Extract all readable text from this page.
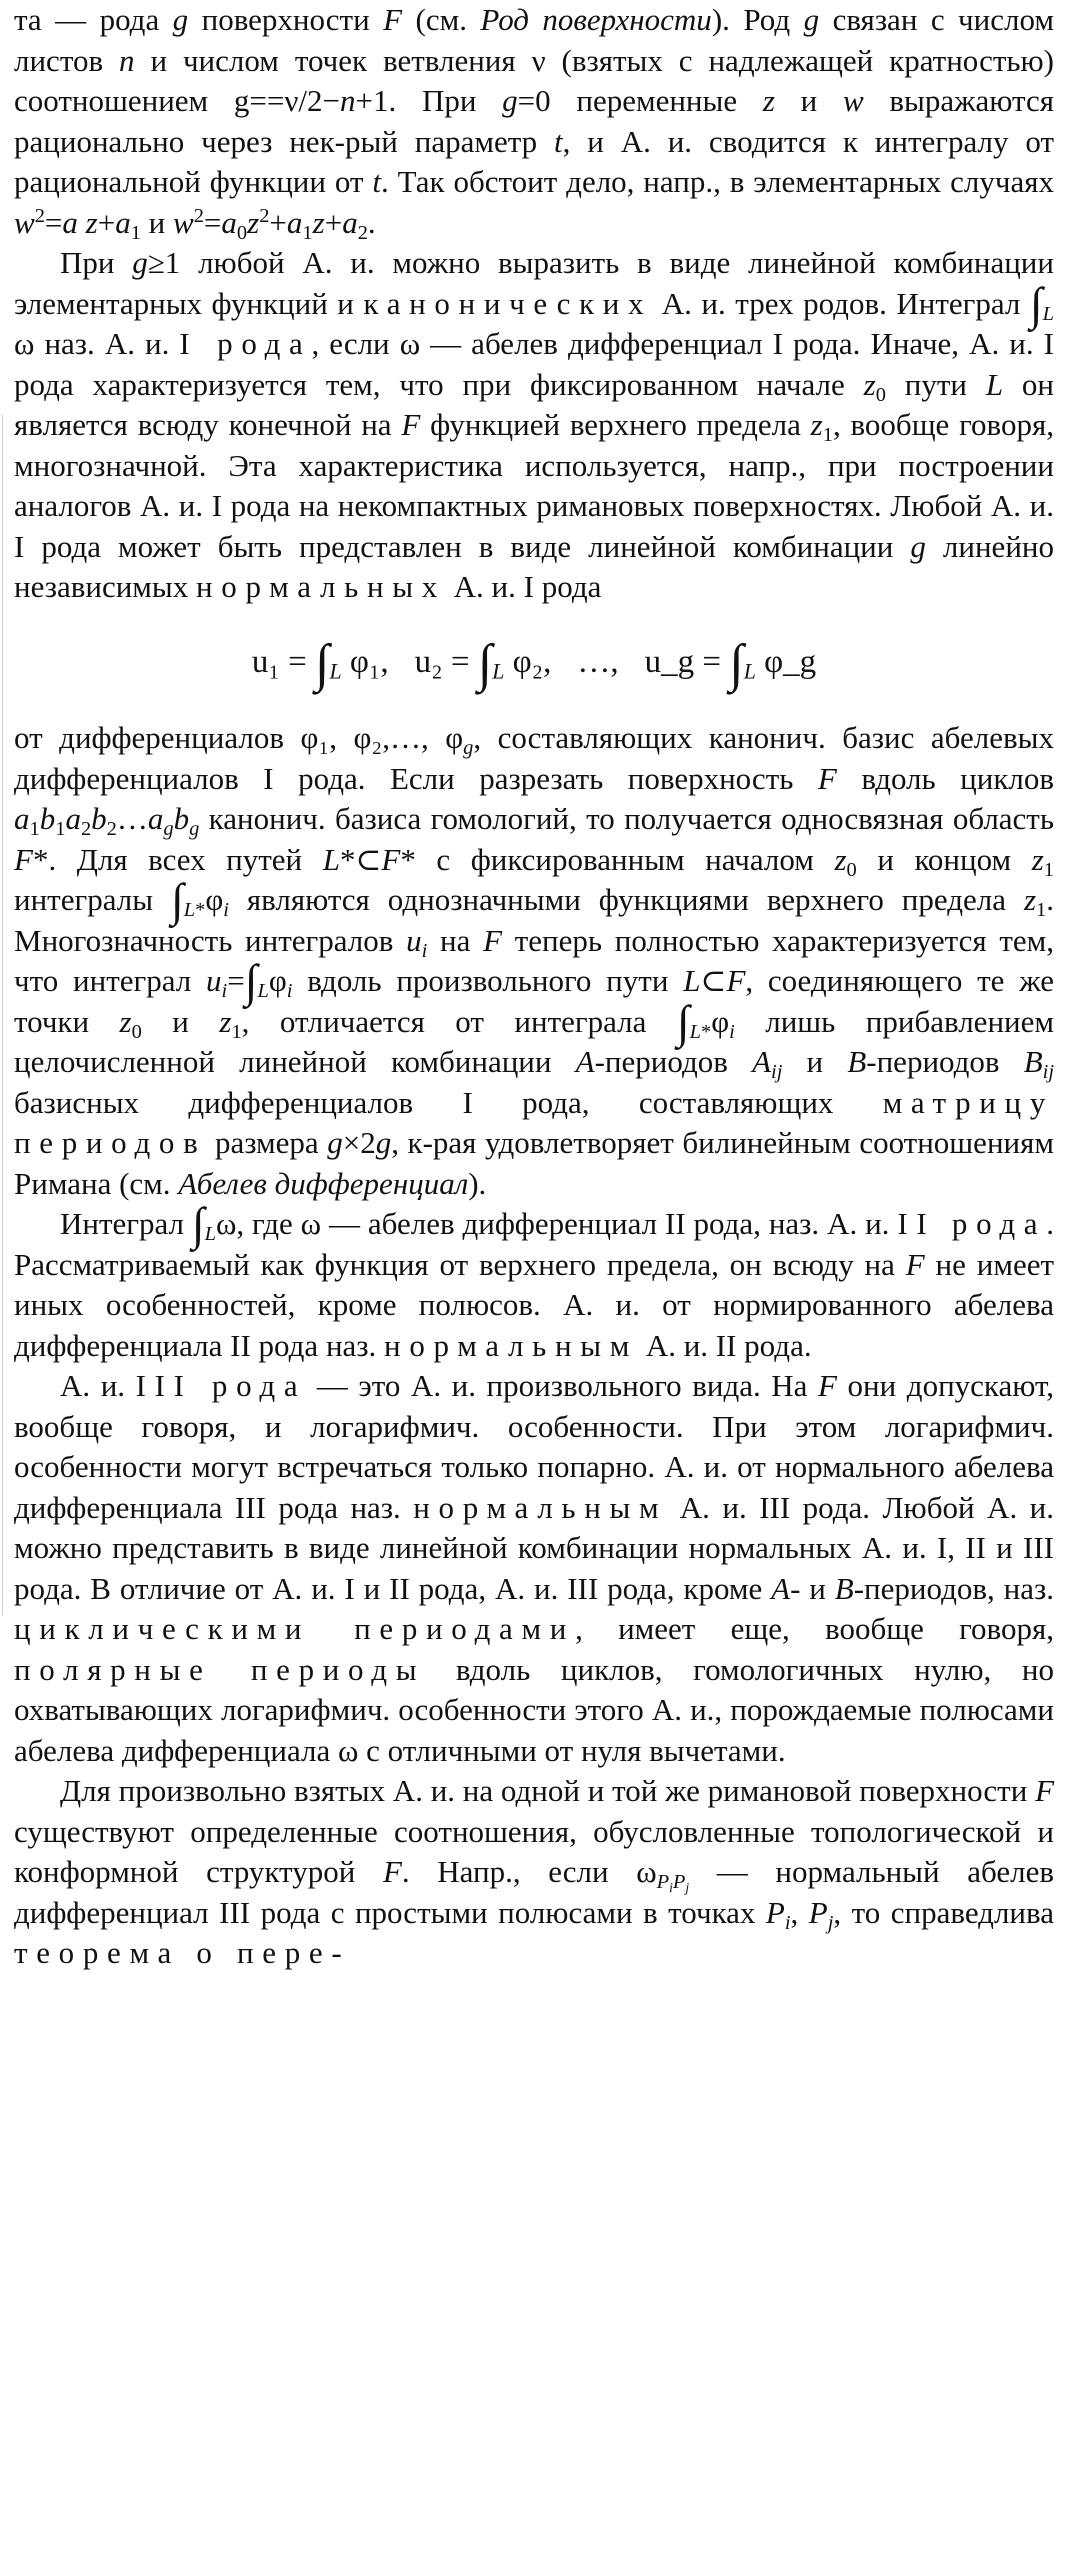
та — рода g поверхности F (см. Род поверхности). Род g связан с числом листов n и числом точек ветвления ν (взятых с надлежащей кратностью) соотношением g==ν/2−n+1. При g=0 переменные z и w выражаются рационально через нек-рый параметр t, и А. и. сводится к интегралу от рациональной функции от t. Так обстоит дело, напр., в элементарных случаях $w^2=a$ $z+a_1$ и $w^2=a_0z^2+a_1z+a_2$.

При g≥1 любой А. и. можно выразить в виде линейной комбинации элементарных функций и канонических А. и. трех родов. Интеграл $\int_L$ ω наз. А. и. I рода, если ω — абелев дифференциал I рода. Иначе, А. и. I рода характеризуется тем, что при фиксированном начале $z_0$ пути L он является всюду конечной на F функцией верхнего предела $z_1$, вообще говоря, многозначной. Эта характеристика используется, напр., при построении аналогов А. и. I рода на некомпактных римановых поверхностях. Любой А. и. I рода может быть представлен в виде линейной комбинации g линейно независимых нормальных А. и. I рода

$u_1 = \int_L$ φ₁, $u_2 = \int_L$ φ₂, …, u_g = $\int_L$ φ_g

от дифференциалов φ₁, φ₂,…, $\varphi_g$, составляющих канонич. базис абелевых дифференциалов I рода. Если разрезать поверхность F вдоль циклов $a_1b_1a_2b_2\dots a_gb_g$ канонич. базиса гомологий, то получается односвязная область F*. Для всех путей L*⊂F* с фиксированным началом $z_0$ и концом $z_1$ интегралы $\int_{L*}\varphi_i$ являются однозначными функциями верхнего предела $z_1$. Многозначность интегралов $u_i$ на F теперь полностью характеризуется тем, что интеграл $u_i=\int_L\varphi_i$ вдоль произвольного пути L⊂F, соединяющего те же точки $z_0$ и $z_1$, отличается от интеграла $\int_{L*}\varphi_i$ лишь прибавлением целочисленной линейной комбинации A-периодов $A_{ij}$ и B-периодов $B_{ij}$ базисных дифференциалов I рода, составляющих матрицу периодов размера g×2g, к-рая удовлетворяет билинейным соотношениям Римана (см. Абелев дифференциал).

Интеграл $\int_L\omega$, где ω — абелев дифференциал II рода, наз. А. и. II рода. Рассматриваемый как функция от верхнего предела, он всюду на F не имеет иных особенностей, кроме полюсов. А. и. от нормированного абелева дифференциала II рода наз. нормальным А. и. II рода.

А. и. III рода — это А. и. произвольного вида. На F они допускают, вообще говоря, и логарифмич. особенности. При этом логарифмич. особенности могут встречаться только попарно. А. и. от нормального абелева дифференциала III рода наз. нормальным А. и. III рода. Любой А. и. можно представить в виде линейной комбинации нормальных А. и. I, II и III рода. В отличие от А. и. I и II рода, А. и. III рода, кроме A- и B-периодов, наз. циклическими периодами, имеет еще, вообще говоря, полярные периоды вдоль циклов, гомологичных нулю, но охватывающих логарифмич. особенности этого А. и., порождаемые полюсами абелева дифференциала ω с отличными от нуля вычетами.

Для произвольно взятых А. и. на одной и той же римановой поверхности F существуют определенные соотношения, обусловленные топологической и конформной структурой F. Напр., если $\omega_{P_iP_j}$ — нормальный абелев дифференциал III рода с простыми полюсами в точках $P_i$, $P_j$, то справедлива теорема о пере-
